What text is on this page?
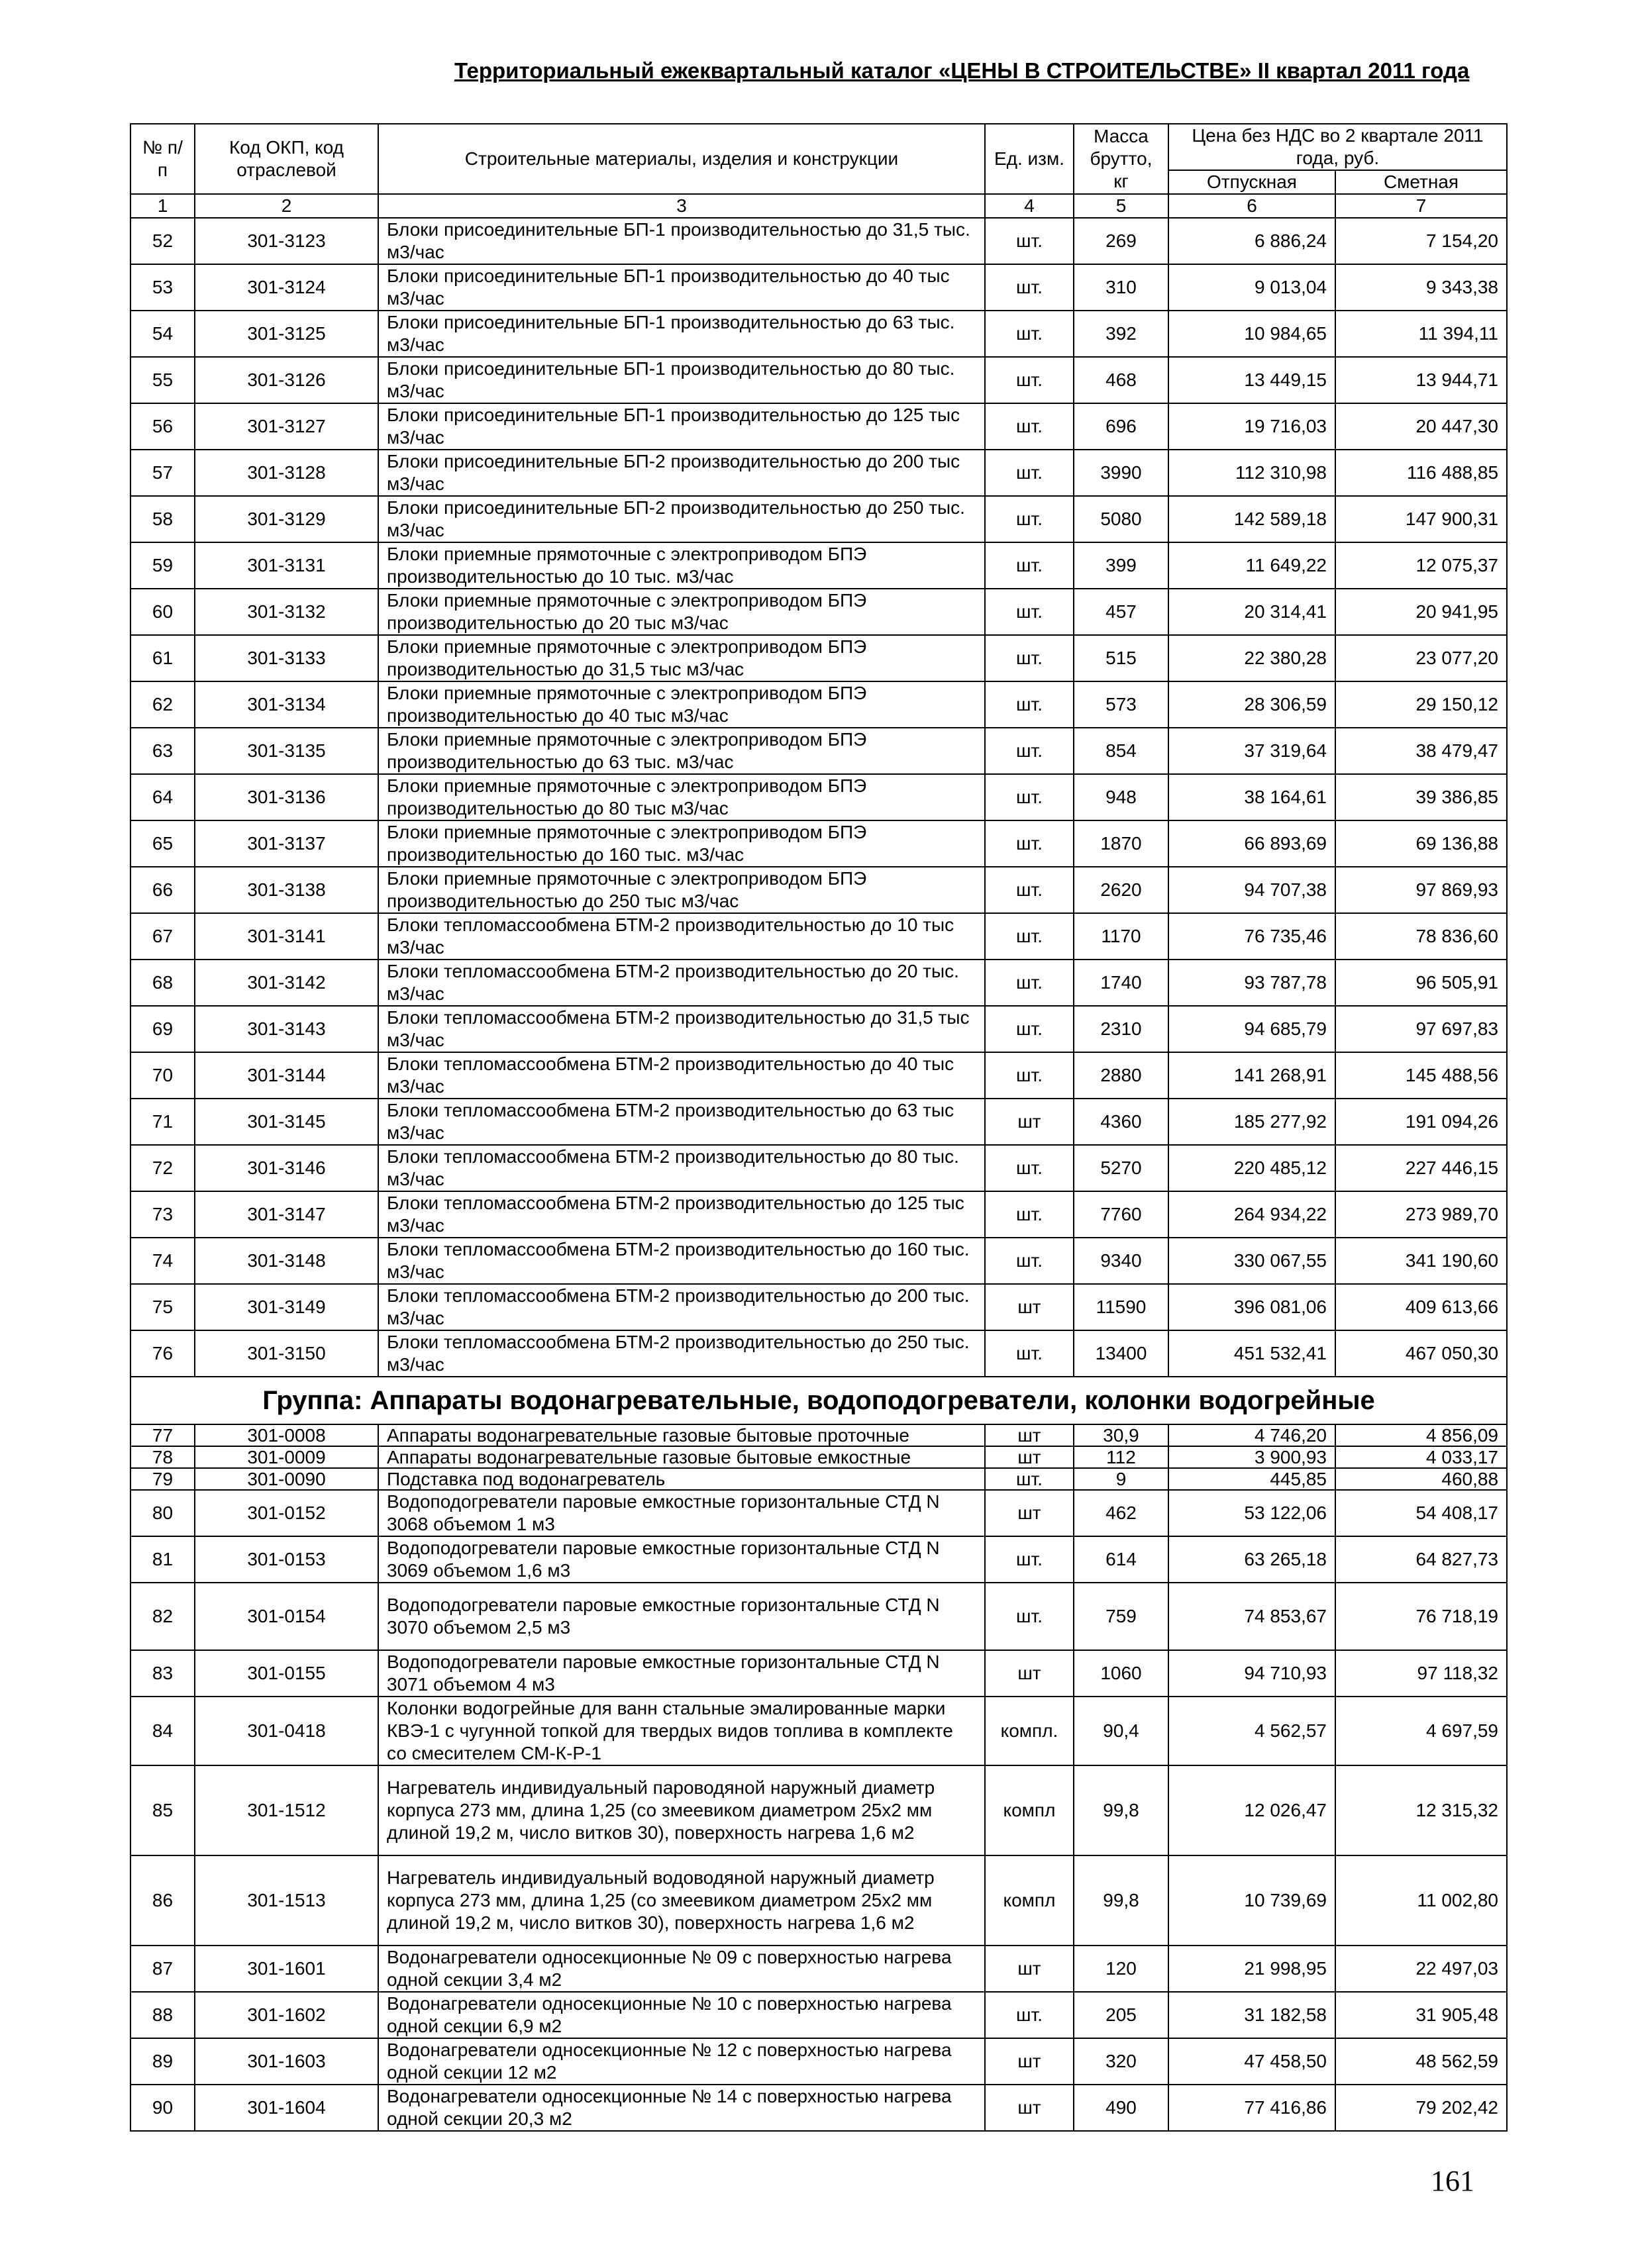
Территориальный ежеквартальный каталог «ЦЕНЫ В СТРОИТЕЛЬСТВЕ» II квартал 2011 года
№ п/п	Код ОКП, код отраслевой	Строительные материалы, изделия и конструкции	Ед. изм.	Масса брутто, кг	Цена без НДС во 2 квартале 2011 года, руб.	
					Отпускная	Сметная
1	2	3	4	5	6	7
52	301-3123	Блоки присоединительные БП-1 производительностью до 31,5 тыс. м3/час	шт.	269	6 886,24	7 154,20
53	301-3124	Блоки присоединительные БП-1 производительностью до 40 тыс м3/час	шт.	310	9 013,04	9 343,38
54	301-3125	Блоки присоединительные БП-1 производительностью до 63 тыс. м3/час	шт.	392	10 984,65	11 394,11
55	301-3126	Блоки присоединительные БП-1 производительностью до 80 тыс. м3/час	шт.	468	13 449,15	13 944,71
56	301-3127	Блоки присоединительные БП-1 производительностью до 125 тыс м3/час	шт.	696	19 716,03	20 447,30
57	301-3128	Блоки присоединительные БП-2 производительностью до 200 тыс м3/час	шт.	3990	112 310,98	116 488,85
58	301-3129	Блоки присоединительные БП-2 производительностью до 250 тыс. м3/час	шт.	5080	142 589,18	147 900,31
59	301-3131	Блоки приемные прямоточные с электроприводом БПЭ производительностью до 10 тыс. м3/час	шт.	399	11 649,22	12 075,37
60	301-3132	Блоки приемные прямоточные с электроприводом БПЭ производительностью до 20 тыс м3/час	шт.	457	20 314,41	20 941,95
61	301-3133	Блоки приемные прямоточные с электроприводом БПЭ производительностью до 31,5 тыс м3/час	шт.	515	22 380,28	23 077,20
62	301-3134	Блоки приемные прямоточные с электроприводом БПЭ производительностью до 40 тыс м3/час	шт.	573	28 306,59	29 150,12
63	301-3135	Блоки приемные прямоточные с электроприводом БПЭ производительностью до 63 тыс. м3/час	шт.	854	37 319,64	38 479,47
64	301-3136	Блоки приемные прямоточные с электроприводом БПЭ производительностью до 80 тыс м3/час	шт.	948	38 164,61	39 386,85
65	301-3137	Блоки приемные прямоточные с электроприводом БПЭ производительностью до 160 тыс. м3/час	шт.	1870	66 893,69	69 136,88
66	301-3138	Блоки приемные прямоточные с электроприводом БПЭ производительностью до 250 тыс м3/час	шт.	2620	94 707,38	97 869,93
67	301-3141	Блоки тепломассообмена БТМ-2 производительностью до 10 тыс м3/час	шт.	1170	76 735,46	78 836,60
68	301-3142	Блоки тепломассообмена БТМ-2 производительностью до 20 тыс. м3/час	шт.	1740	93 787,78	96 505,91
69	301-3143	Блоки тепломассообмена БТМ-2 производительностью до 31,5 тыс м3/час	шт.	2310	94 685,79	97 697,83
70	301-3144	Блоки тепломассообмена БТМ-2 производительностью до 40 тыс м3/час	шт.	2880	141 268,91	145 488,56
71	301-3145	Блоки тепломассообмена БТМ-2 производительностью до 63 тыс м3/час	шт	4360	185 277,92	191 094,26
72	301-3146	Блоки тепломассообмена БТМ-2 производительностью до 80 тыс. м3/час	шт.	5270	220 485,12	227 446,15
73	301-3147	Блоки тепломассообмена БТМ-2 производительностью до 125 тыс м3/час	шт.	7760	264 934,22	273 989,70
74	301-3148	Блоки тепломассообмена БТМ-2 производительностью до 160 тыс. м3/час	шт.	9340	330 067,55	341 190,60
75	301-3149	Блоки тепломассообмена БТМ-2 производительностью до 200 тыс. м3/час	шт	11590	396 081,06	409 613,66
76	301-3150	Блоки тепломассообмена БТМ-2 производительностью до 250 тыс. м3/час	шт.	13400	451 532,41	467 050,30
Группа: Аппараты водонагревательные, водоподогреватели, колонки водогрейные						
77	301-0008	Аппараты водонагревательные газовые бытовые проточные	шт	30,9	4 746,20	4 856,09
78	301-0009	Аппараты водонагревательные газовые бытовые емкостные	шт	112	3 900,93	4 033,17
79	301-0090	Подставка под водонагреватель	шт.	9	445,85	460,88
80	301-0152	Водоподогреватели паровые емкостные горизонтальные СТД N 3068 объемом 1 м3	шт	462	53 122,06	54 408,17
81	301-0153	Водоподогреватели паровые емкостные горизонтальные СТД N 3069 объемом 1,6 м3	шт.	614	63 265,18	64 827,73
82	301-0154	Водоподогреватели паровые емкостные горизонтальные СТД N 3070 объемом 2,5 м3	шт.	759	74 853,67	76 718,19
83	301-0155	Водоподогреватели паровые емкостные горизонтальные СТД N 3071 объемом 4 м3	шт	1060	94 710,93	97 118,32
84	301-0418	Колонки водогрейные для ванн стальные эмалированные марки КВЭ-1 с чугунной топкой для твердых видов топлива в комплекте со смесителем СМ-К-Р-1	компл.	90,4	4 562,57	4 697,59
85	301-1512	Нагреватель индивидуальный пароводяной наружный диаметр корпуса 273 мм, длина 1,25 (со змеевиком диаметром 25х2 мм длиной 19,2 м, число витков 30), поверхность нагрева 1,6 м2	компл	99,8	12 026,47	12 315,32
86	301-1513	Нагреватель индивидуальный водоводяной наружный диаметр корпуса 273 мм, длина 1,25 (со змеевиком диаметром 25х2 мм длиной 19,2 м, число витков 30), поверхность нагрева 1,6 м2	компл	99,8	10 739,69	11 002,80
87	301-1601	Водонагреватели односекционные № 09 с поверхностью нагрева одной секции 3,4 м2	шт	120	21 998,95	22 497,03
88	301-1602	Водонагреватели односекционные № 10 с поверхностью нагрева одной секции 6,9 м2	шт.	205	31 182,58	31 905,48
89	301-1603	Водонагреватели односекционные № 12 с поверхностью нагрева одной секции 12 м2	шт	320	47 458,50	48 562,59
90	301-1604	Водонагреватели односекционные № 14 с поверхностью нагрева одной секции 20,3 м2	шт	490	77 416,86	79 202,42
161
